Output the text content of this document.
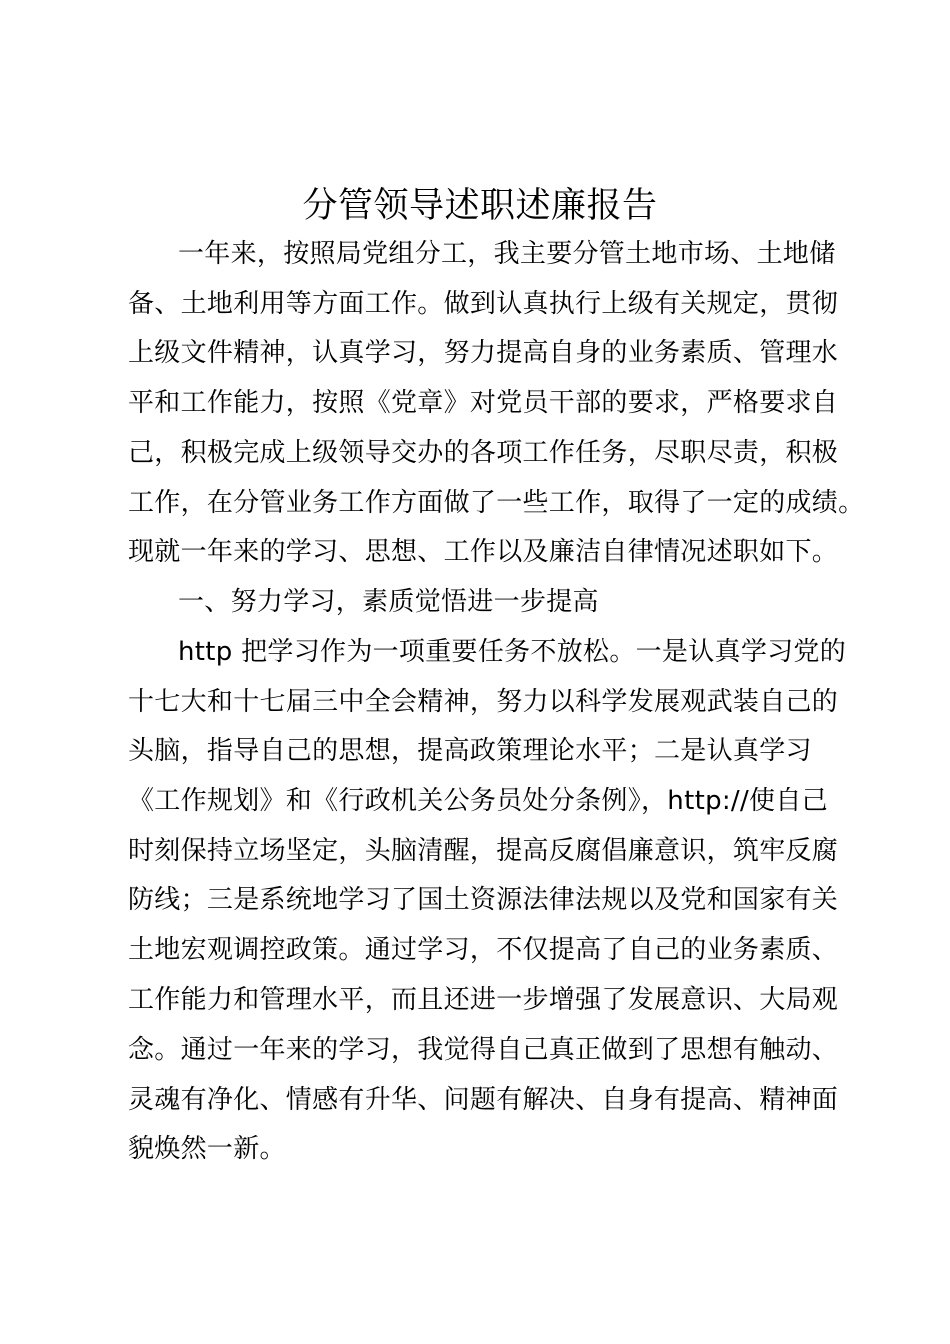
分管领导述职述廉报告
一年来，按照局党组分工，我主要分管土地市场、土地储
备、土地利用等方面工作。做到认真执行上级有关规定，贯彻
上级文件精神，认真学习，努力提高自身的业务素质、管理水
平和工作能力，按照《党章》对党员干部的要求，严格要求自
己，积极完成上级领导交办的各项工作任务，尽职尽责，积极
工作，在分管业务工作方面做了一些工作，取得了一定的成绩。
现就一年来的学习、思想、工作以及廉洁自律情况述职如下。
一、努力学习，素质觉悟进一步提高
http 把学习作为一项重要任务不放松。一是认真学习党的
十七大和十七届三中全会精神，努力以科学发展观武装自己的
头脑，指导自己的思想，提高政策理论水平；二是认真学习
《工作规划》和《行政机关公务员处分条例》，http://使自己
时刻保持立场坚定，头脑清醒，提高反腐倡廉意识，筑牢反腐
防线；三是系统地学习了国土资源法律法规以及党和国家有关
土地宏观调控政策。通过学习，不仅提高了自己的业务素质、
工作能力和管理水平，而且还进一步增强了发展意识、大局观
念。通过一年来的学习，我觉得自己真正做到了思想有触动、
灵魂有净化、情感有升华、问题有解决、自身有提高、精神面
貌焕然一新。
